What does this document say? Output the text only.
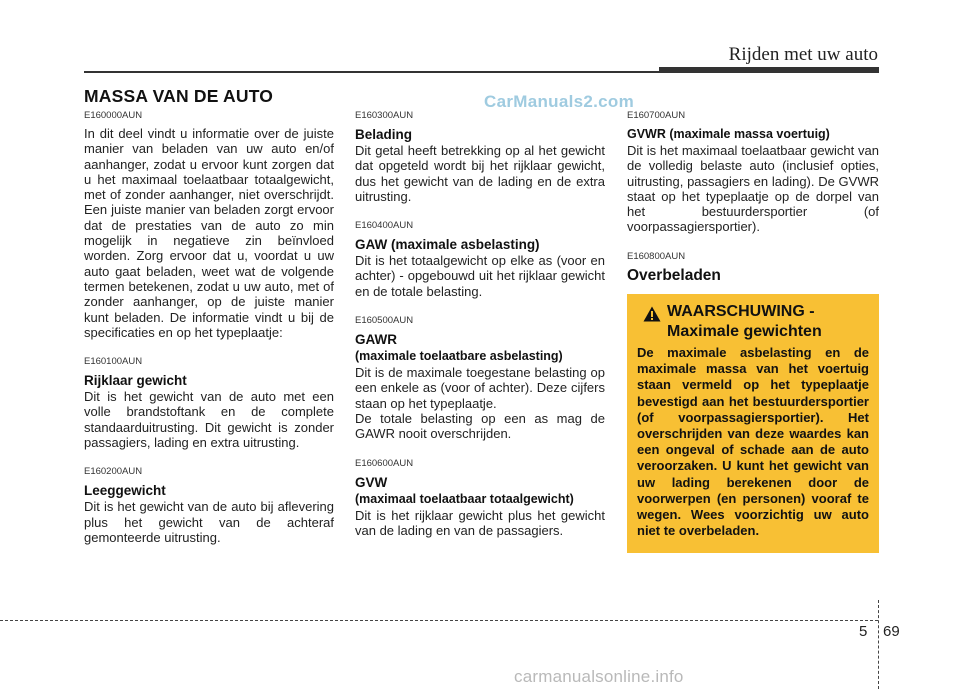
Rijden met uw auto
MASSA VAN DE AUTO	CarManuals2.com

E160000AUN

In dit deel vindt u informatie over de juiste manier van beladen van uw auto en/of aanhanger, zodat u ervoor kunt zorgen dat u het maximaal toelaatbaar totaalgewicht, met of zonder aanhanger, niet overschrijdt. Een juiste manier van beladen zorgt ervoor dat de prestaties van de auto zo min mogelijk in negatieve zin beïnvloed worden. Zorg ervoor dat u, voordat u uw auto gaat beladen, weet wat de volgende termen betekenen, zodat u uw auto, met of zonder aanhanger, op de juiste manier kunt beladen. De informatie vindt u bij de specificaties en op het typeplaatje:

E160100AUN

Rijklaar gewicht

Dit is het gewicht van de auto met een volle brandstoftank en de complete standaarduitrusting. Dit gewicht is zonder passagiers, lading en extra uitrusting.

E160200AUN

Leeggewicht

Dit is het gewicht van de auto bij aflevering plus het gewicht van de achteraf gemonteerde uitrusting.

E160300AUN

Belading

Dit getal heeft betrekking op al het gewicht dat opgeteld wordt bij het rijklaar gewicht, dus het gewicht van de lading en de extra uitrusting.

E160400AUN

GAW (maximale asbelasting)

Dit is het totaalgewicht op elke as (voor en achter) - opgebouwd uit het rijklaar gewicht en de totale belasting.

E160500AUN

GAWR

(maximale toelaatbare asbelasting)

Dit is de maximale toegestane belasting op een enkele as (voor of achter). Deze cijfers staan op het typeplaatje.

De totale belasting op een as mag de GAWR nooit overschrijden.

E160600AUN

GVW

(maximaal toelaatbaar totaalgewicht)

Dit is het rijklaar gewicht plus het gewicht van de lading en van de passagiers.

E160700AUN

GVWR (maximale massa voertuig)

Dit is het maximaal toelaatbaar gewicht van de volledig belaste auto (inclusief opties, uitrusting, passagiers en lading). De GVWR staat op het typeplaatje op de dorpel van het bestuurdersportier (of voorpassagiersportier).

E160800AUN

Overbeladen

WAARSCHUWING -
Maximale gewichten

De maximale asbelasting en de maximale massa van het voertuig staan vermeld op het typeplaatje bevestigd aan het bestuurdersportier (of voorpassagiersportier). Het overschrijden van deze waardes kan een ongeval of schade aan de auto veroorzaken. U kunt het gewicht van uw lading berekenen door de voorwerpen (en personen) vooraf te wegen. Wees voorzichtig uw auto niet te overbeladen.

5 69
carmanualsonline.info
